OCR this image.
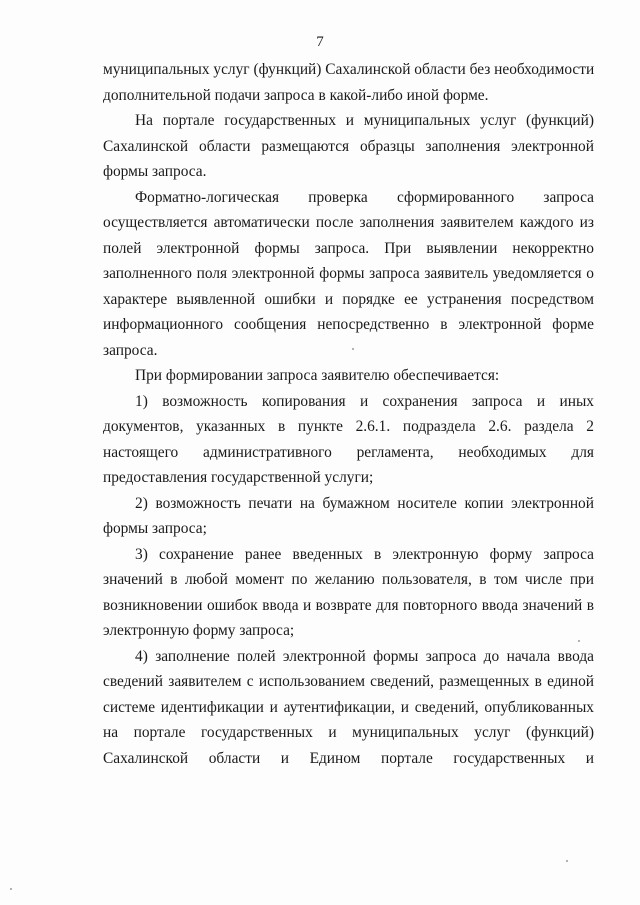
7
муниципальных услуг (функций) Сахалинской области без необходимости
дополнительной подачи запроса в какой-либо иной форме.
На портале государственных и муниципальных услуг (функций)
Сахалинской области размещаются образцы заполнения электронной
формы запроса.
Форматно-логическая проверка сформированного запроса
осуществляется автоматически после заполнения заявителем каждого из
полей электронной формы запроса. При выявлении некорректно
заполненного поля электронной формы запроса заявитель уведомляется о
характере выявленной ошибки и порядке ее устранения посредством
информационного сообщения непосредственно в электронной форме
запроса.
При формировании запроса заявителю обеспечивается:
1) возможность копирования и сохранения запроса и иных
документов, указанных в пункте 2.6.1. подраздела 2.6. раздела 2
настоящего административного регламента, необходимых для
предоставления государственной услуги;
2) возможность печати на бумажном носителе копии электронной
формы запроса;
3) сохранение ранее введенных в электронную форму запроса
значений в любой момент по желанию пользователя, в том числе при
возникновении ошибок ввода и возврате для повторного ввода значений в
электронную форму запроса;
4) заполнение полей электронной формы запроса до начала ввода
сведений заявителем с использованием сведений, размещенных в единой
системе идентификации и аутентификации, и сведений, опубликованных
на портале государственных и муниципальных услуг (функций)
Сахалинской области и Едином портале государственных и
